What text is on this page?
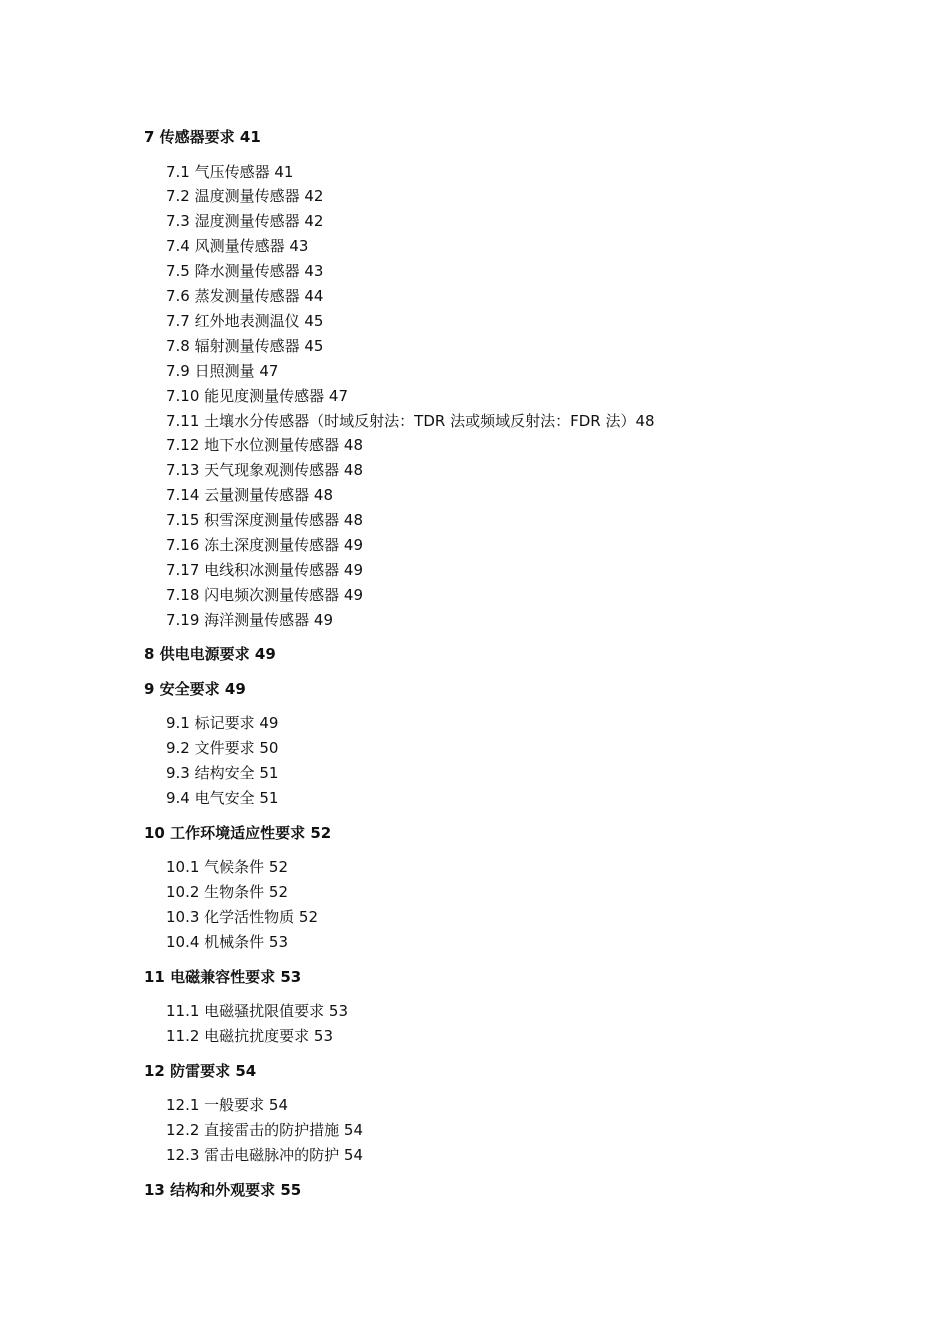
7 传感器要求 41
7.1 气压传感器 41
7.2 温度测量传感器 42
7.3 湿度测量传感器 42
7.4 风测量传感器 43
7.5 降水测量传感器 43
7.6 蒸发测量传感器 44
7.7 红外地表测温仪 45
7.8 辐射测量传感器 45
7.9 日照测量 47
7.10 能见度测量传感器 47
7.11 土壤水分传感器（时域反射法：TDR 法或频域反射法：FDR 法）48
7.12 地下水位测量传感器 48
7.13 天气现象观测传感器 48
7.14 云量测量传感器 48
7.15 积雪深度测量传感器 48
7.16 冻土深度测量传感器 49
7.17 电线积冰测量传感器 49
7.18 闪电频次测量传感器 49
7.19 海洋测量传感器 49
8 供电电源要求 49
9 安全要求 49
9.1 标记要求 49
9.2 文件要求 50
9.3 结构安全 51
9.4 电气安全 51
10 工作环境适应性要求 52
10.1 气候条件 52
10.2 生物条件 52
10.3 化学活性物质 52
10.4 机械条件 53
11 电磁兼容性要求 53
11.1 电磁骚扰限值要求 53
11.2 电磁抗扰度要求 53
12 防雷要求 54
12.1 一般要求 54
12.2 直接雷击的防护措施 54
12.3 雷击电磁脉冲的防护 54
13 结构和外观要求 55
